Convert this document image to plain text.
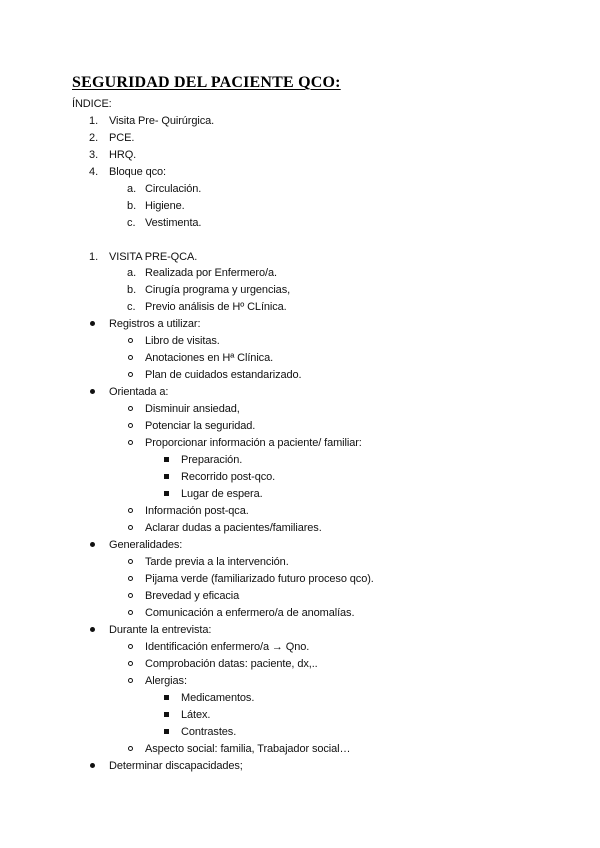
SEGURIDAD DEL PACIENTE QCO:
ÍNDICE:
1. Visita Pre- Quirúrgica.
2. PCE.
3. HRQ.
4. Bloque qco:
a. Circulación.
b. Higiene.
c. Vestimenta.
1. VISITA PRE-QCA.
a. Realizada por Enfermero/a.
b. Cirugía programa y urgencias,
c. Previo análisis de Hº CLínica.
Registros a utilizar:
Libro de visitas.
Anotaciones en Hª Clínica.
Plan de cuidados estandarizado.
Orientada a:
Disminuir ansiedad,
Potenciar la seguridad.
Proporcionar información a paciente/ familiar:
Preparación.
Recorrido post-qco.
Lugar de espera.
Información post-qca.
Aclarar dudas a pacientes/familiares.
Generalidades:
Tarde previa a la intervención.
Pijama verde (familiarizado futuro proceso qco).
Brevedad y eficacia
Comunicación a enfermero/a de anomalías.
Durante la entrevista:
Identificación enfermero/a → Qno.
Comprobación datas: paciente, dx,..
Alergias:
Medicamentos.
Látex.
Contrastes.
Aspecto social: familia, Trabajador social…
Determinar discapacidades;
